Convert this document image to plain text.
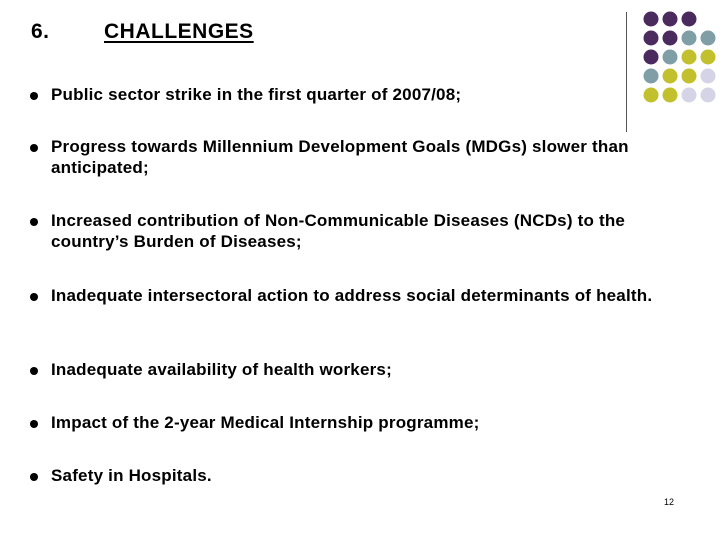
6.	CHALLENGES
Public sector strike in the first quarter of 2007/08;
Progress towards Millennium Development Goals (MDGs) slower than anticipated;
Increased contribution of Non-Communicable Diseases (NCDs) to the country’s Burden of Diseases;
Inadequate intersectoral action to address social determinants of health.
Inadequate availability of health workers;
Impact of the 2-year Medical Internship programme;
Safety in Hospitals.
12
